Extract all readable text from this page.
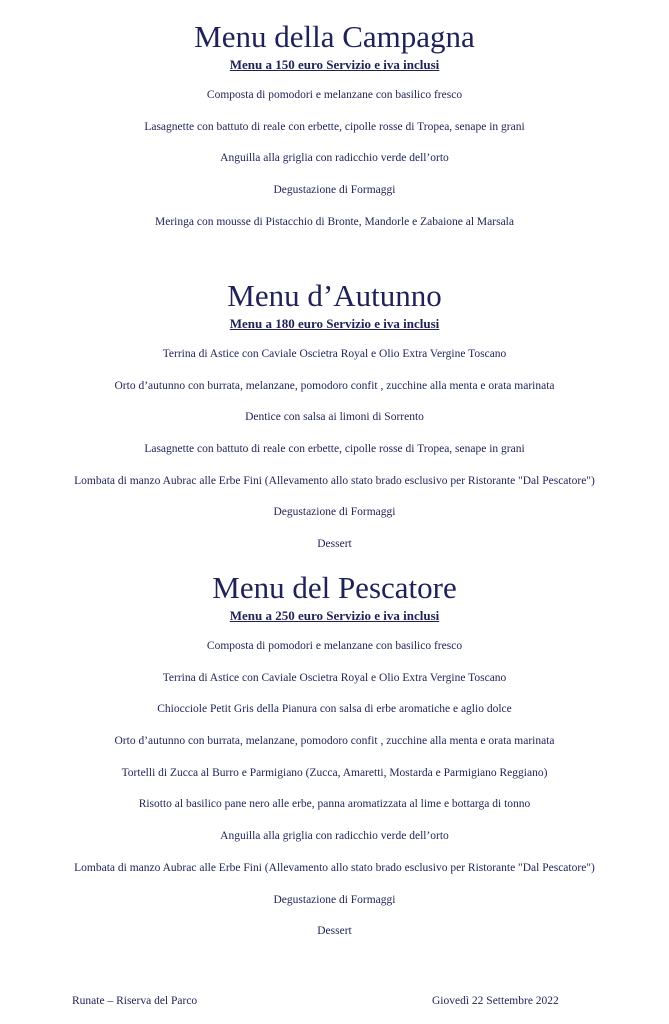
Menu della Campagna

Menu a 150 euro Servizio e iva inclusi

Composta di pomodori e melanzane con basilico fresco
Lasagnette con battuto di reale con erbette, cipolle rosse di Tropea, senape in grani
Anguilla alla griglia con radicchio verde dell’orto
Degustazione di Formaggi
Meringa con mousse di Pistacchio di Bronte, Mandorle e Zabaione al Marsala
Menu d’Autunno

Menu a 180 euro Servizio e iva inclusi

Terrina di Astice con Caviale Oscietra Royal e Olio Extra Vergine Toscano
Orto d’autunno con burrata, melanzane, pomodoro confit , zucchine alla menta e orata marinata
Dentice con salsa ai limoni di Sorrento
Lasagnette con battuto di reale con erbette, cipolle rosse di Tropea, senape in grani
Lombata di manzo Aubrac alle Erbe Fini (Allevamento allo stato brado esclusivo per Ristorante "Dal Pescatore")
Degustazione di Formaggi
Dessert
Menu del Pescatore

Menu a 250 euro Servizio e iva inclusi

Composta di pomodori e melanzane con basilico fresco
Terrina di Astice con Caviale Oscietra Royal e Olio Extra Vergine Toscano
Chiocciole Petit Gris della Pianura con salsa di erbe aromatiche e aglio dolce
Orto d’autunno con burrata, melanzane, pomodoro confit , zucchine alla menta e orata marinata
Tortelli di Zucca al Burro e Parmigiano (Zucca, Amaretti, Mostarda e Parmigiano Reggiano)
Risotto al basilico pane nero alle erbe, panna aromatizzata al lime e bottarga di tonno
Anguilla alla griglia con radicchio verde dell’orto
Lombata di manzo Aubrac alle Erbe Fini (Allevamento allo stato brado esclusivo per Ristorante "Dal Pescatore")
Degustazione di Formaggi
Dessert
Runate – Riserva del Parco	Giovedì 22 Settembre 2022
